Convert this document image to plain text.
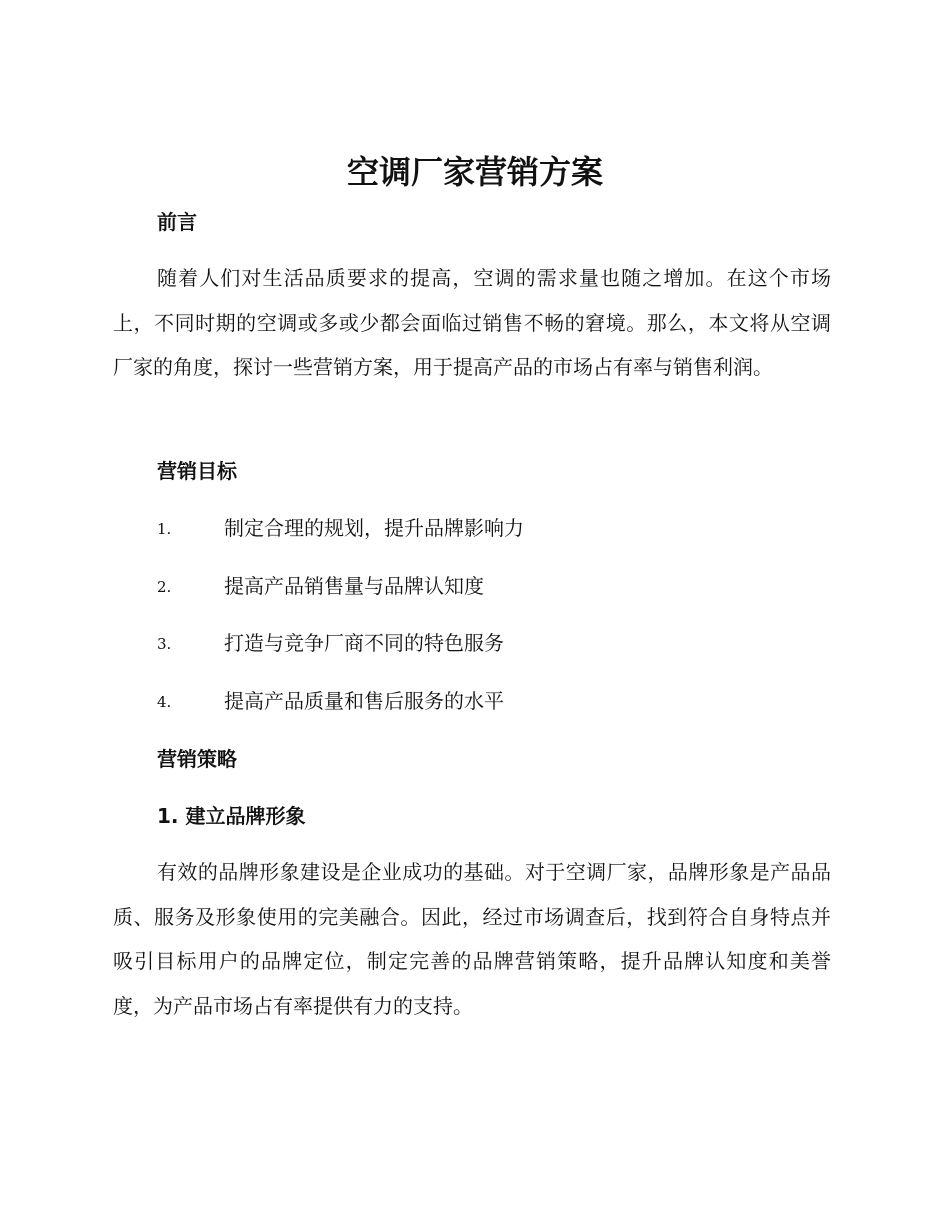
空调厂家营销方案
前言

随着人们对生活品质要求的提高，空调的需求量也随之增加。在这个市场上，不同时期的空调或多或少都会面临过销售不畅的窘境。那么，本文将从空调厂家的角度，探讨一些营销方案，用于提高产品的市场占有率与销售利润。

营销目标
1.	制定合理的规划，提升品牌影响力
2.	提高产品销售量与品牌认知度
3.	打造与竞争厂商不同的特色服务
4.	提高产品质量和售后服务的水平
营销策略
1. 建立品牌形象

有效的品牌形象建设是企业成功的基础。对于空调厂家，品牌形象是产品品质、服务及形象使用的完美融合。因此，经过市场调查后，找到符合自身特点并吸引目标用户的品牌定位，制定完善的品牌营销策略，提升品牌认知度和美誉度，为产品市场占有率提供有力的支持。
